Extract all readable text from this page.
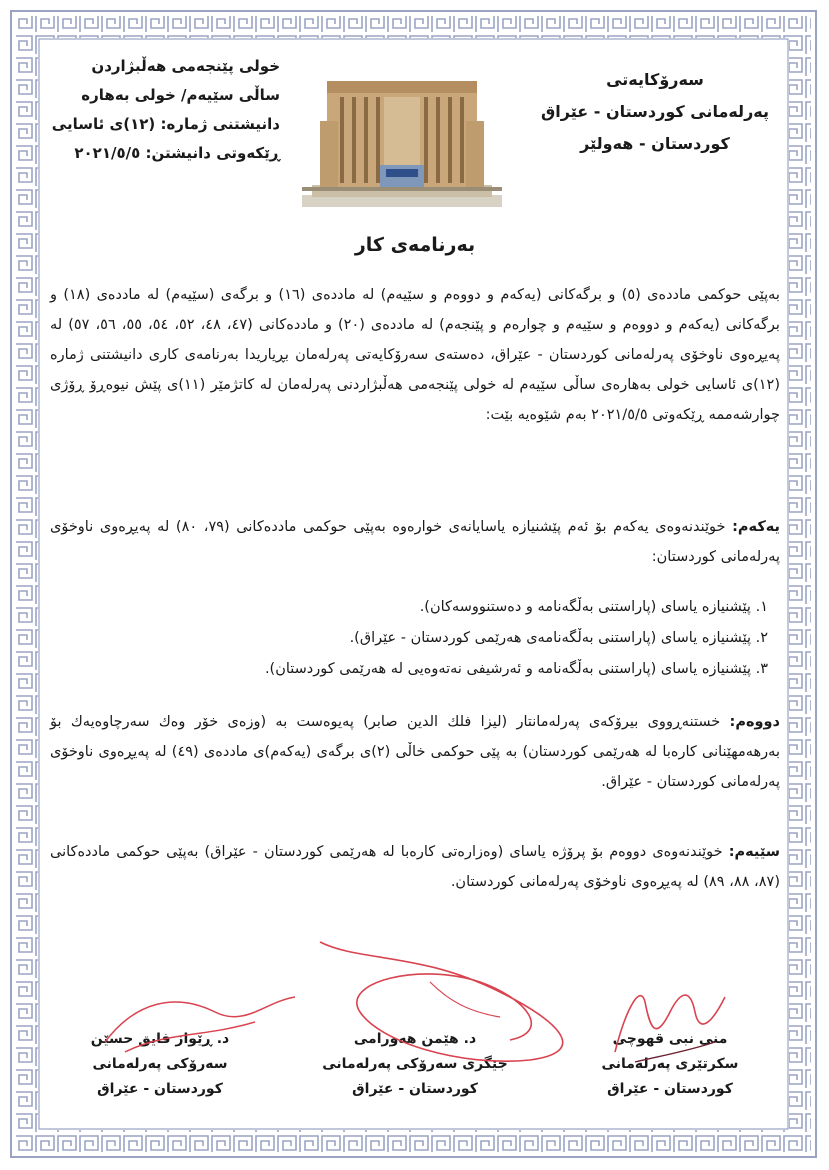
سەرۆکایەتی
پەرلەمانی کوردستان - عێراق
کوردستان - هەولێر
خولی پێنجەمی هەڵبژاردن
ساڵی سێیەم/ خولی بەهارە
دانیشتنی ژمارە: (١٢)ی ئاسایی
ڕێکەوتی دانیشتن: ٢٠٢١/٥/٥
بەرنامەی کار
بەپێی حوکمی ماددەی (٥) و برگەکانی (یەکەم و دووەم و سێیەم) لە ماددەی (١٦) و برگەی (سێیەم) لە ماددەی (١٨) و برگەکانی (یەکەم و دووەم و سێیەم و چوارەم و پێنجەم) لە ماددەی (٢٠) و ماددەکانی (٤٧، ٤٨، ٥٢، ٥٤، ٥٥، ٥٦، ٥٧) لە پەیڕەوی ناوخۆی پەرلەمانی کوردستان - عێراق، دەستەی سەرۆکایەتی پەرلەمان بڕیاریدا بەرنامەی کاری دانیشتنی ژمارە (١٢)ی ئاسایی خولی بەهارەی ساڵی سێیەم لە خولی پێنجەمی هەڵبژاردنی پەرلەمان لە کاتژمێر (١١)ی پێش نیوەڕۆ ڕۆژی چوارشەممە ڕێکەوتی ٢٠٢١/٥/٥ بەم شێوەیە بێت:
یەکەم: خوێندنەوەی یەکەم بۆ ئەم پێشنیازە یاسایانەی خوارەوە بەپێی حوکمی ماددەکانی (٧٩، ٨٠) لە پەیڕەوی ناوخۆی پەرلەمانی کوردستان:
١. پێشنیازە یاسای (پاراستنی بەڵگەنامە و دەستنووسەکان).
٢. پێشنیازە یاسای (پاراستنی بەڵگەنامەی هەرێمی کوردستان - عێراق).
٣. پێشنیازە یاسای (پاراستنی بەڵگەنامە و ئەرشیفی نەتەوەیی لە هەرێمی کوردستان).
دووەم: خستنەڕووی بیرۆکەی پەرلەمانتار (لیزا فلك الدین صابر) پەیوەست بە (وزەی خۆر وەك سەرچاوەیەك بۆ بەرهەمهێنانی کارەبا لە هەرێمی کوردستان) بە پێی حوکمی خاڵی (٢)ی برگەی (یەکەم)ی ماددەی (٤٩) لە پەیڕەوی ناوخۆی پەرلەمانی کوردستان - عێراق.
سێیەم: خوێندنەوەی دووەم بۆ پرۆژە یاسای (وەزارەتی کارەبا لە هەرێمی کوردستان - عێراق) بەپێی حوکمی ماددەکانی (٨٧، ٨٨، ٨٩) لە پەیڕەوی ناوخۆی پەرلەمانی کوردستان.
منى نبى قهوچى
سکرتێری پەرلەمانی
کوردستان - عێراق
د. هێمن هەورامی
جێگری سەرۆکی پەرلەمانی
کوردستان - عێراق
د. ڕێواز فایق حسێن
سەرۆکی پەرلەمانی
کوردستان - عێراق
